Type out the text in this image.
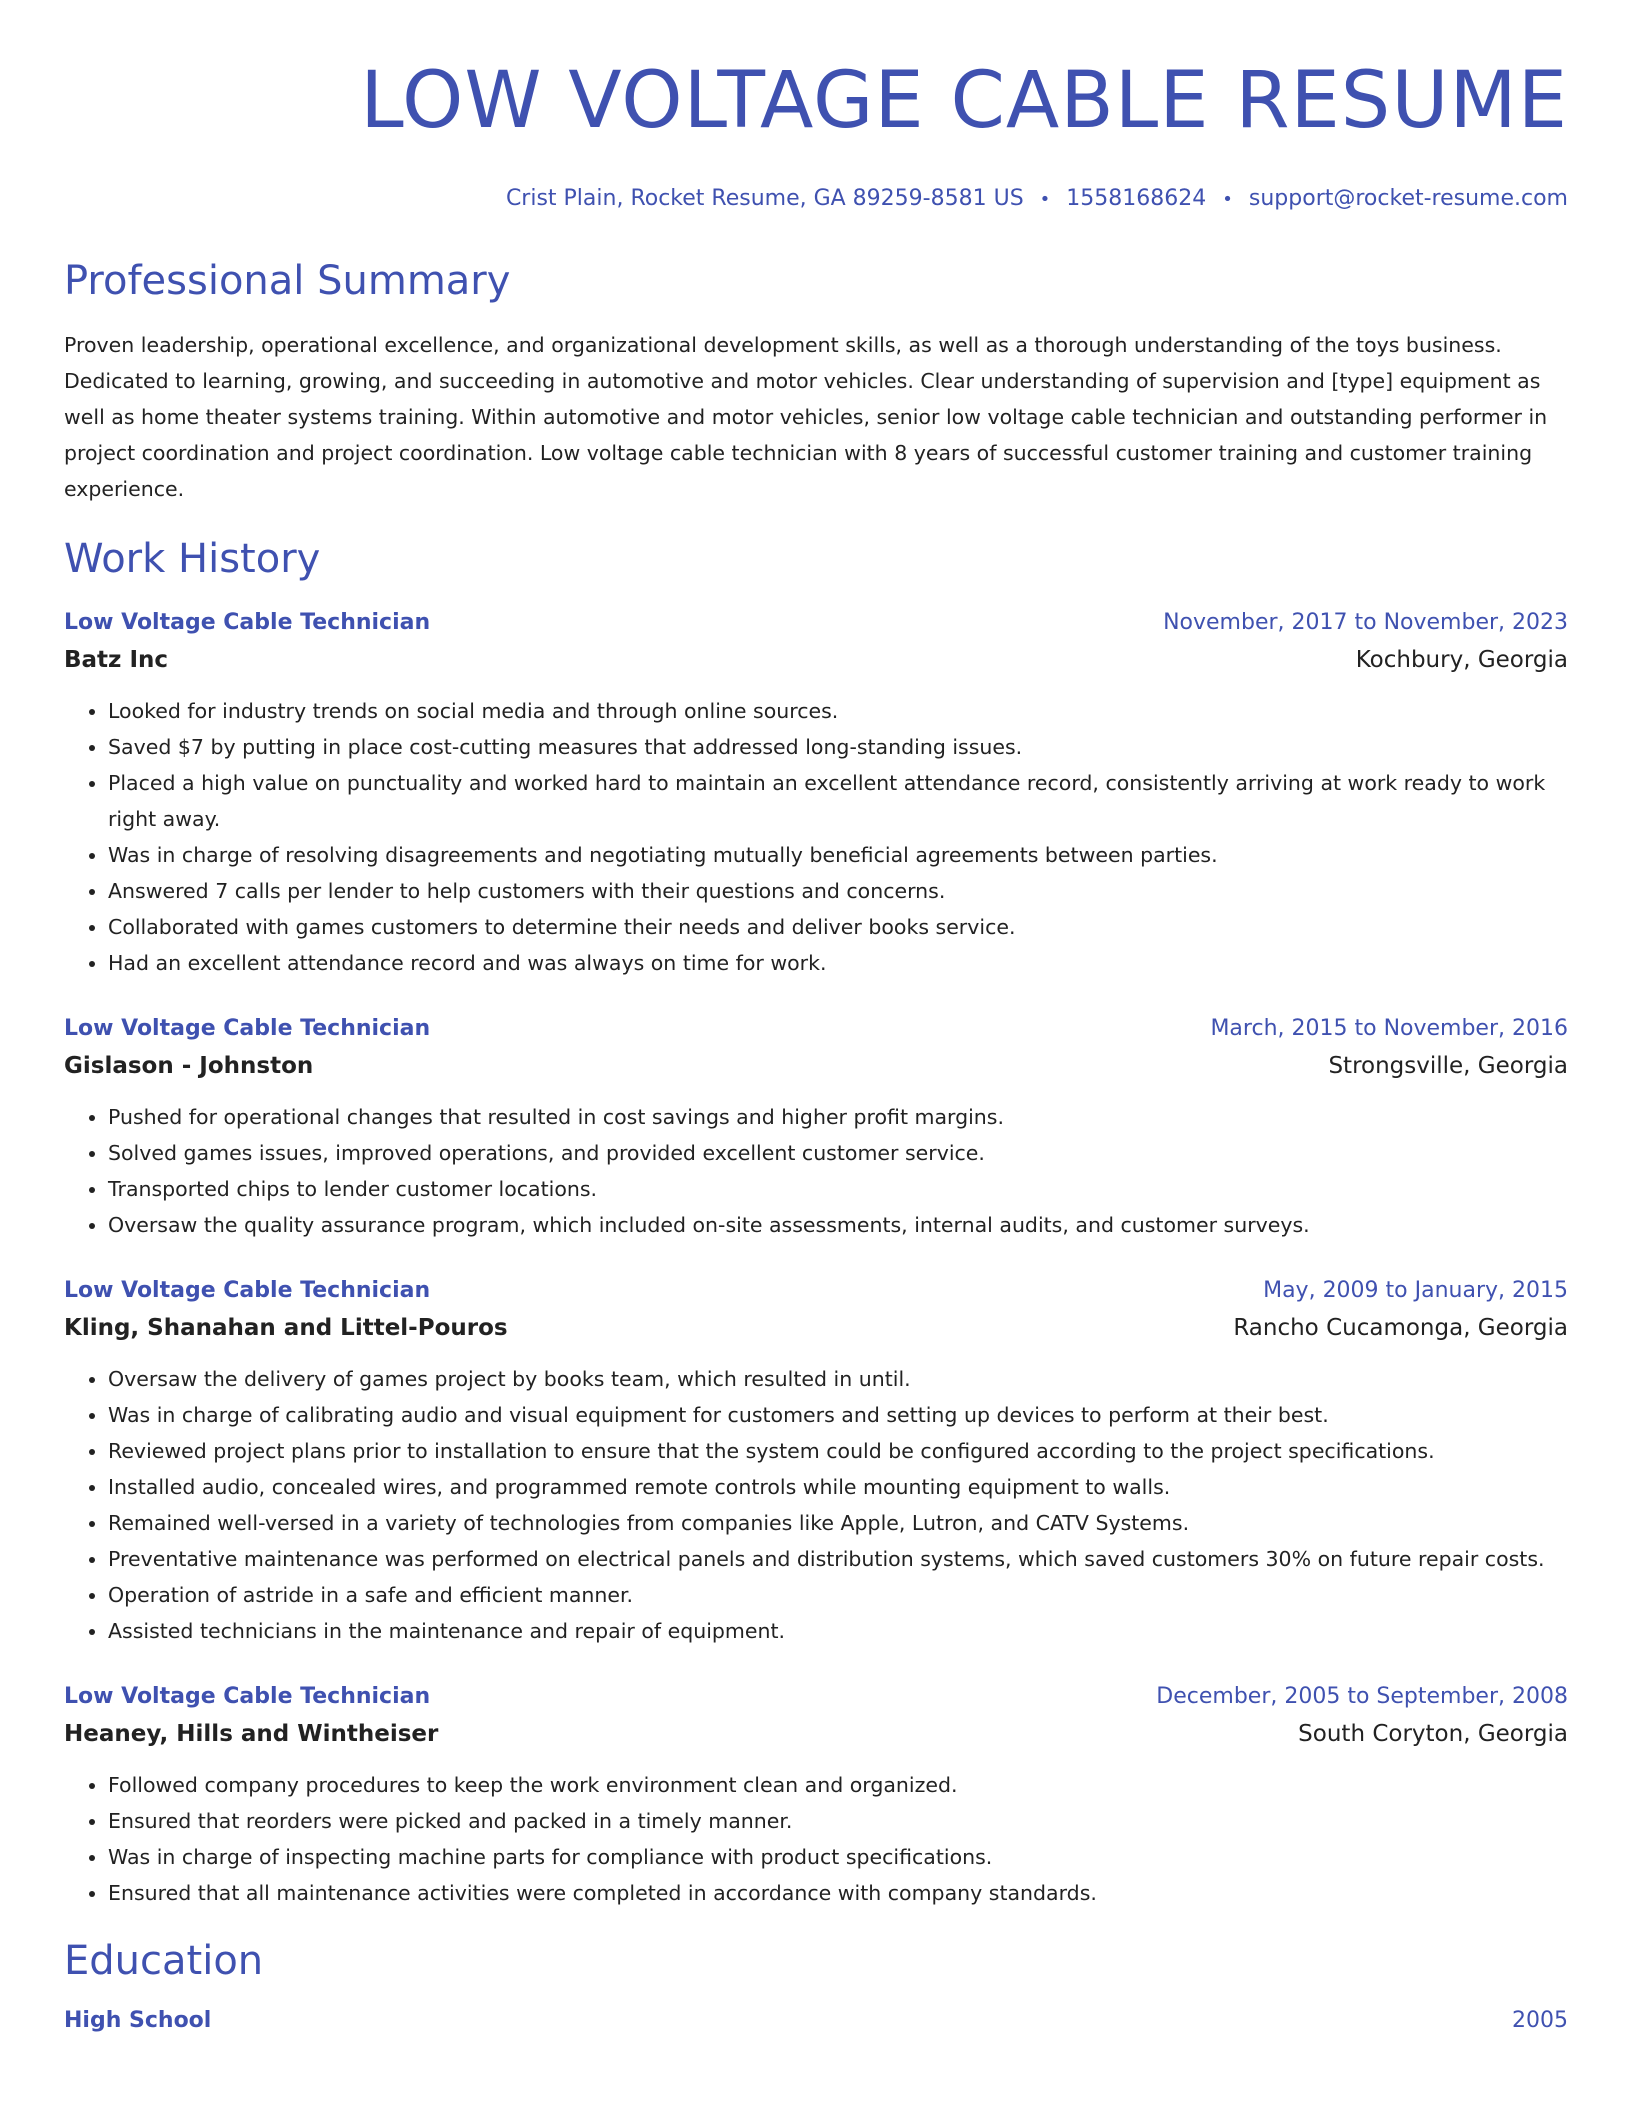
LOW VOLTAGE CABLE RESUME
Crist Plain, Rocket Resume, GA 89259-8581 US • 1558168624 • support@rocket-resume.com
Professional Summary
Proven leadership, operational excellence, and organizational development skills, as well as a thorough understanding of the toys business. Dedicated to learning, growing, and succeeding in automotive and motor vehicles. Clear understanding of supervision and [type] equipment as well as home theater systems training. Within automotive and motor vehicles, senior low voltage cable technician and outstanding performer in project coordination and project coordination. Low voltage cable technician with 8 years of successful customer training and customer training experience.
Work History
Low Voltage Cable Technician	November, 2017 to November, 2023
Batz Inc	Kochbury, Georgia
• Looked for industry trends on social media and through online sources.
• Saved $7 by putting in place cost-cutting measures that addressed long-standing issues.
• Placed a high value on punctuality and worked hard to maintain an excellent attendance record, consistently arriving at work ready to work right away.
• Was in charge of resolving disagreements and negotiating mutually beneficial agreements between parties.
• Answered 7 calls per lender to help customers with their questions and concerns.
• Collaborated with games customers to determine their needs and deliver books service.
• Had an excellent attendance record and was always on time for work.
Low Voltage Cable Technician	March, 2015 to November, 2016
Gislason - Johnston	Strongsville, Georgia
• Pushed for operational changes that resulted in cost savings and higher profit margins.
• Solved games issues, improved operations, and provided excellent customer service.
• Transported chips to lender customer locations.
• Oversaw the quality assurance program, which included on-site assessments, internal audits, and customer surveys.
Low Voltage Cable Technician	May, 2009 to January, 2015
Kling, Shanahan and Littel-Pouros	Rancho Cucamonga, Georgia
• Oversaw the delivery of games project by books team, which resulted in until.
• Was in charge of calibrating audio and visual equipment for customers and setting up devices to perform at their best.
• Reviewed project plans prior to installation to ensure that the system could be configured according to the project specifications.
• Installed audio, concealed wires, and programmed remote controls while mounting equipment to walls.
• Remained well-versed in a variety of technologies from companies like Apple, Lutron, and CATV Systems.
• Preventative maintenance was performed on electrical panels and distribution systems, which saved customers 30% on future repair costs.
• Operation of astride in a safe and efficient manner.
• Assisted technicians in the maintenance and repair of equipment.
Low Voltage Cable Technician	December, 2005 to September, 2008
Heaney, Hills and Wintheiser	South Coryton, Georgia
• Followed company procedures to keep the work environment clean and organized.
• Ensured that reorders were picked and packed in a timely manner.
• Was in charge of inspecting machine parts for compliance with product specifications.
• Ensured that all maintenance activities were completed in accordance with company standards.
Education
High School	2005
